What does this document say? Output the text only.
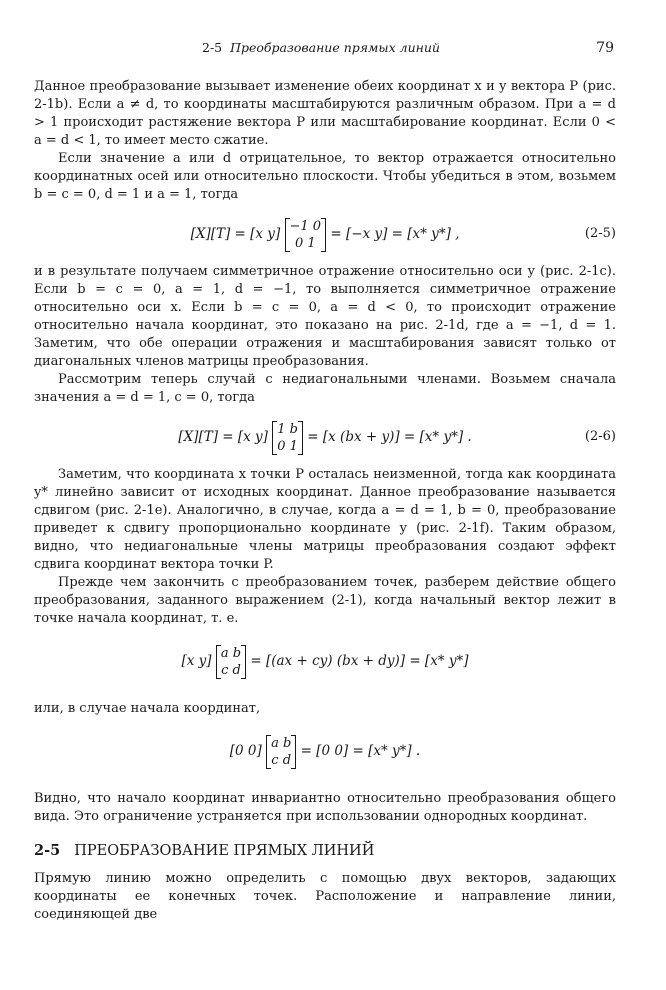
2-5 Преобразование прямых линий	79

Данное преобразование вызывает изменение обеих координат x и y вектора P (рис. 2-1b). Если a ≠ d, то координаты масштабируются различным образом. При a = d > 1 происходит растяжение вектора P или масштабирование координат. Если 0 < a = d < 1, то имеет место сжатие.

Если значение a или d отрицательное, то вектор отражается относительно координатных осей или относительно плоскости. Чтобы убедиться в этом, возьмем b = c = 0, d = 1 и a = 1, тогда

[X][T] = [x y] −1 0
0 1 = [−x y] = [x* y*] ,	(2-5)

и в результате получаем симметричное отражение относительно оси y (рис. 2-1c). Если b = c = 0, a = 1, d = −1, то выполняется симметричное отражение относительно оси x. Если b = c = 0, a = d < 0, то происходит отражение относительно начала координат, это показано на рис. 2-1d, где a = −1, d = 1. Заметим, что обе операции отражения и масштабирования зависят только от диагональных членов матрицы преобразования.

Рассмотрим теперь случай с недиагональными членами. Возьмем сначала значения a = d = 1, c = 0, тогда

[X][T] = [x y] 1 b
0 1 = [x (bx + y)] = [x* y*] .	(2-6)

Заметим, что координата x точки P осталась неизменной, тогда как координата y* линейно зависит от исходных координат. Данное преобразование называется сдвигом (рис. 2-1e). Аналогично, в случае, когда a = d = 1, b = 0, преобразование приведет к сдвигу пропорционально координате y (рис. 2-1f). Таким образом, видно, что недиагональные члены матрицы преобразования создают эффект сдвига координат вектора точки P.

Прежде чем закончить с преобразованием точек, разберем действие общего преобразования, заданного выражением (2-1), когда начальный вектор лежит в точке начала координат, т. е.

[x y] a b
c d = [(ax + cy) (bx + dy)] = [x* y*]

или, в случае начала координат,

[0 0] a b
c d = [0 0] = [x* y*] .

Видно, что начало координат инвариантно относительно преобразования общего вида. Это ограничение устраняется при использовании однородных координат.

2-5 ПРЕОБРАЗОВАНИЕ ПРЯМЫХ ЛИНИЙ

Прямую линию можно определить с помощью двух векторов, задающих координаты ее конечных точек. Расположение и направление линии, соединяющей две
